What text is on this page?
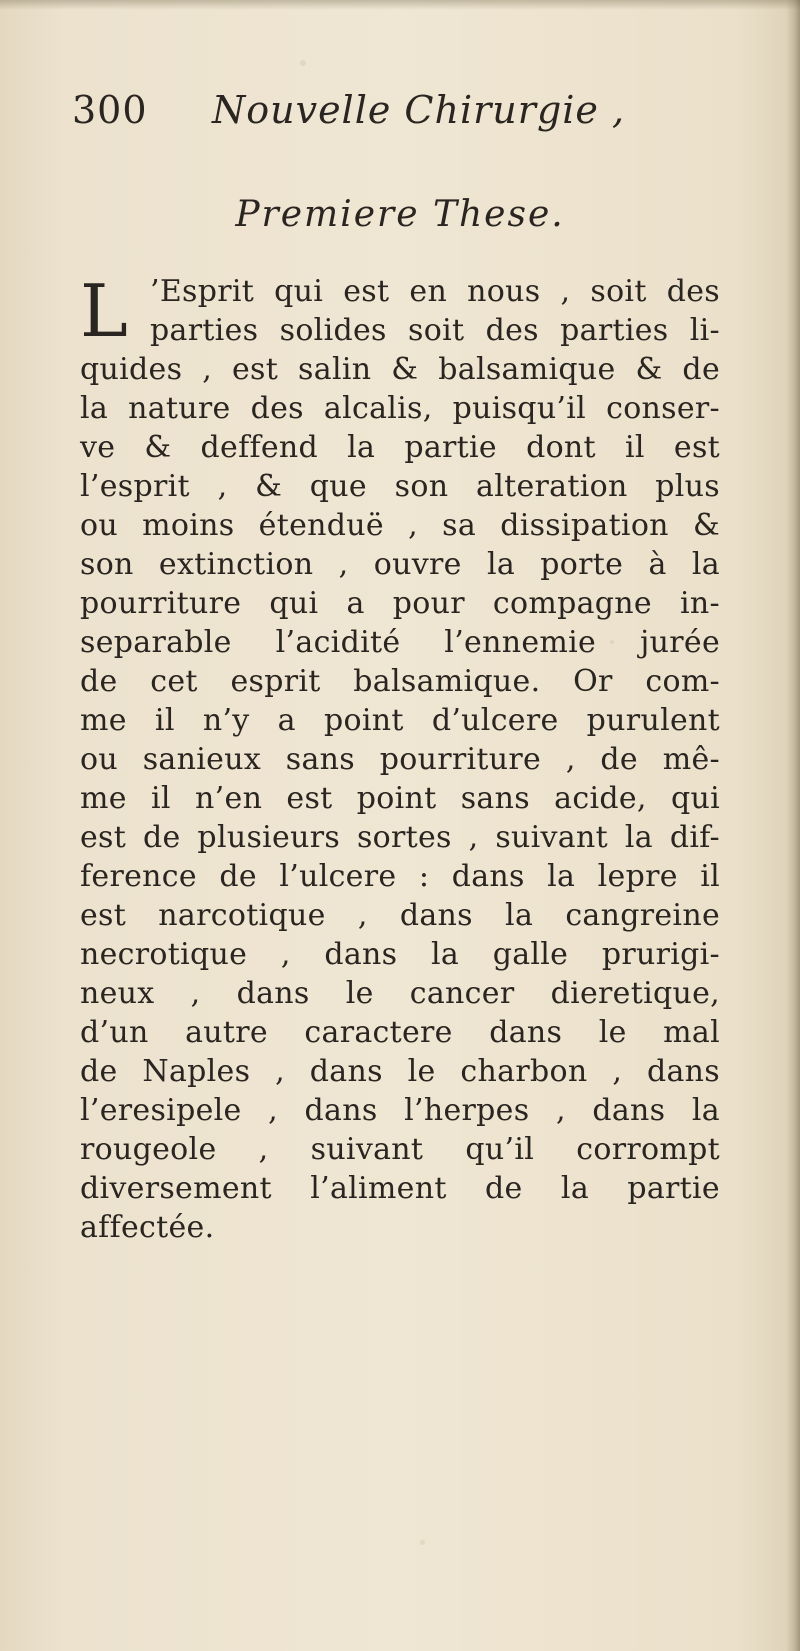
300 Nouvelle Chirurgie ,
Premiere These.
L ’Esprit qui est en nous , soit des
parties solides soit des parties li-
quides , est salin & balsamique & de
la nature des alcalis, puisqu’il conser-
ve & deffend la partie dont il est
l’esprit , & que son alteration plus
ou moins étenduë , sa dissipation &
son extinction , ouvre la porte à la
pourriture qui a pour compagne in-
separable l’acidité l’ennemie jurée
de cet esprit balsamique. Or com-
me il n’y a point d’ulcere purulent
ou sanieux sans pourriture , de mê-
me il n’en est point sans acide, qui
est de plusieurs sortes , suivant la dif-
ference de l’ulcere : dans la lepre il
est narcotique , dans la cangreine
necrotique , dans la galle prurigi-
neux , dans le cancer dieretique,
d’un autre caractere dans le mal
de Naples , dans le charbon , dans
l’eresipele , dans l’herpes , dans la
rougeole , suivant qu’il corrompt
diversement l’aliment de la partie
affectée.
